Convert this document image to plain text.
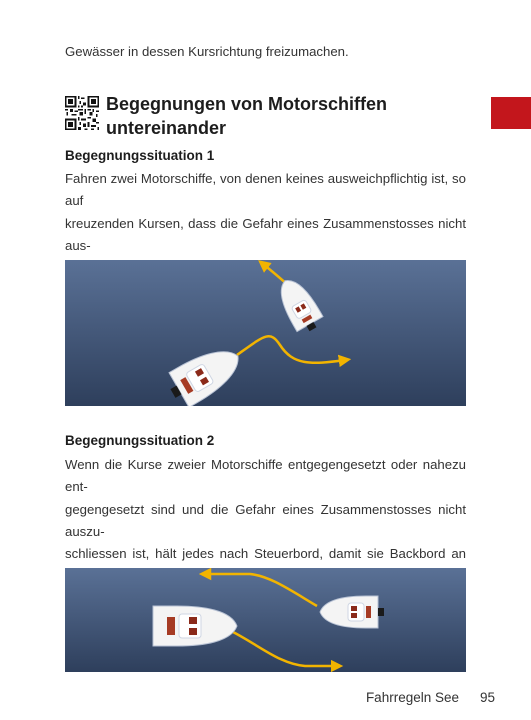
Gewässer in dessen Kursrichtung freizumachen.
Begegnungen von Motorschiffen
untereinander
Begegnungssituation 1
Fahren zwei Motorschiffe, von denen keines ausweichpflichtig ist, so auf
kreuzenden Kursen, dass die Gefahr eines Zusammenstosses nicht aus-
Begegnungssituation 2
Wenn die Kurse zweier Motorschiffe entgegengesetzt oder nahezu ent-
gegengesetzt sind und die Gefahr eines Zusammenstosses nicht auszu-
schliessen ist, hält jedes nach Steuerbord, damit sie Backbord an
Fahrregeln See 95
